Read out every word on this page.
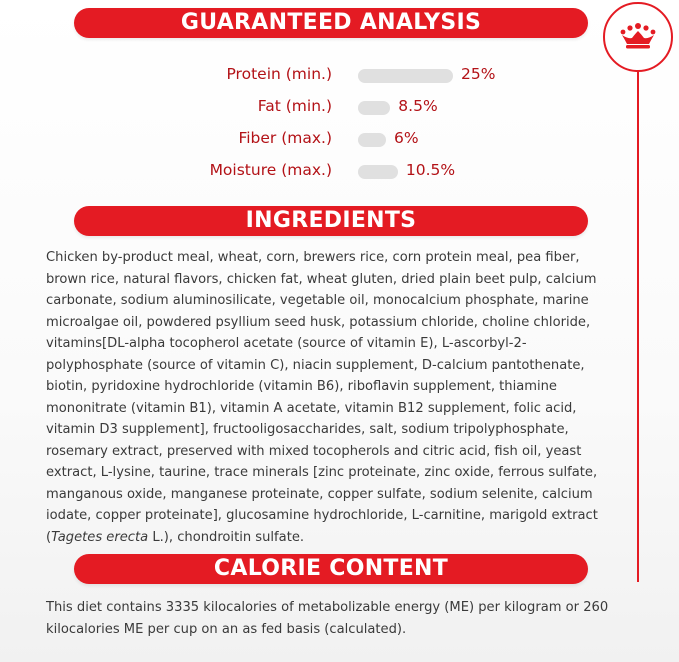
GUARANTEED ANALYSIS
Protein (min.)	25%
Fat (min.)	8.5%
Fiber (max.)	6%
Moisture (max.)	10.5%
INGREDIENTS

Chicken by-product meal, wheat, corn, brewers rice, corn protein meal, pea fiber, brown rice, natural flavors, chicken fat, wheat gluten, dried plain beet pulp, calcium carbonate, sodium aluminosilicate, vegetable oil, monocalcium phosphate, marine microalgae oil, powdered psyllium seed husk, potassium chloride, choline chloride, vitamins[DL-alpha tocopherol acetate (source of vitamin E), L-ascorbyl-2-polyphosphate (source of vitamin C), niacin supplement, D-calcium pantothenate, biotin, pyridoxine hydrochloride (vitamin B6), riboflavin supplement, thiamine mononitrate (vitamin B1), vitamin A acetate, vitamin B12 supplement, folic acid, vitamin D3 supplement], fructooligosaccharides, salt, sodium tripolyphosphate, rosemary extract, preserved with mixed tocopherols and citric acid, fish oil, yeast extract, L-lysine, taurine, trace minerals [zinc proteinate, zinc oxide, ferrous sulfate, manganous oxide, manganese proteinate, copper sulfate, sodium selenite, calcium iodate, copper proteinate], glucosamine hydrochloride, L-carnitine, marigold extract (Tagetes erecta L.), chondroitin sulfate.

CALORIE CONTENT

This diet contains 3335 kilocalories of metabolizable energy (ME) per kilogram or 260 kilocalories ME per cup on an as fed basis (calculated).
